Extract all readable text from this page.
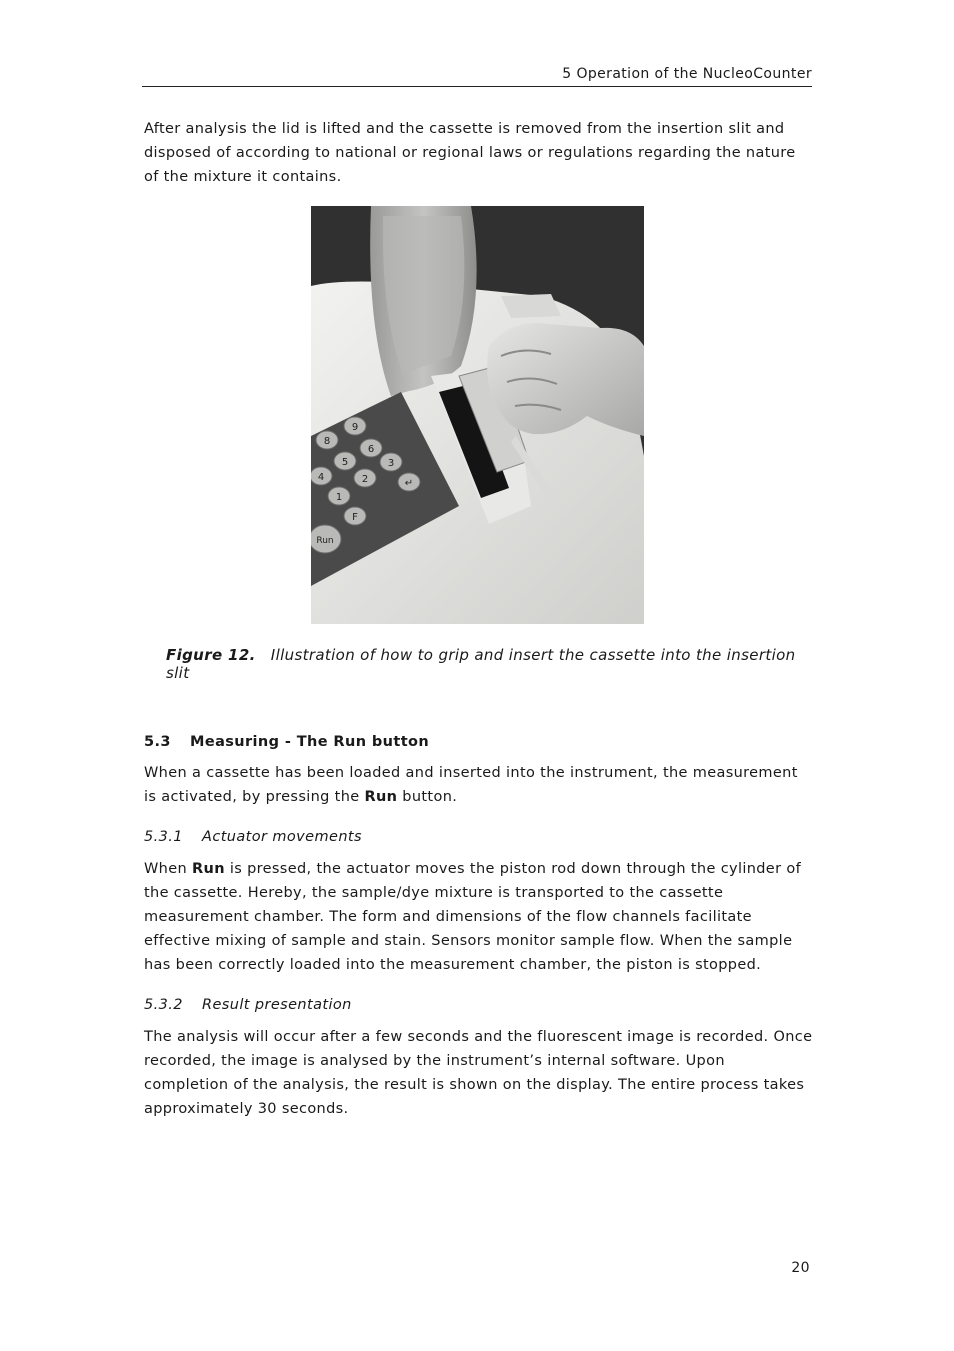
5 Operation of the NucleoCounter

After analysis the lid is lifted and the cassette is removed from the insertion slit and disposed of according to national or regional laws or regulations regarding the nature of the mixture it contains.

9
8
6
5
4
3
2
1
F
↵
Run
Figure 12. Illustration of how to grip and insert the cassette into the insertion slit
5.3 Measuring - The Run button

When a cassette has been loaded and inserted into the instrument, the measurement is activated, by pressing the Run button.

5.3.1 Actuator movements

When Run is pressed, the actuator moves the piston rod down through the cylinder of the cassette. Hereby, the sample/dye mixture is transported to the cassette measurement chamber. The form and dimensions of the flow channels facilitate effective mixing of sample and stain. Sensors monitor sample flow. When the sample has been correctly loaded into the measurement chamber, the piston is stopped.

5.3.2 Result presentation

The analysis will occur after a few seconds and the fluorescent image is recorded. Once recorded, the image is analysed by the instrument’s internal software. Upon completion of the analysis, the result is shown on the display. The entire process takes approximately 30 seconds.

20
